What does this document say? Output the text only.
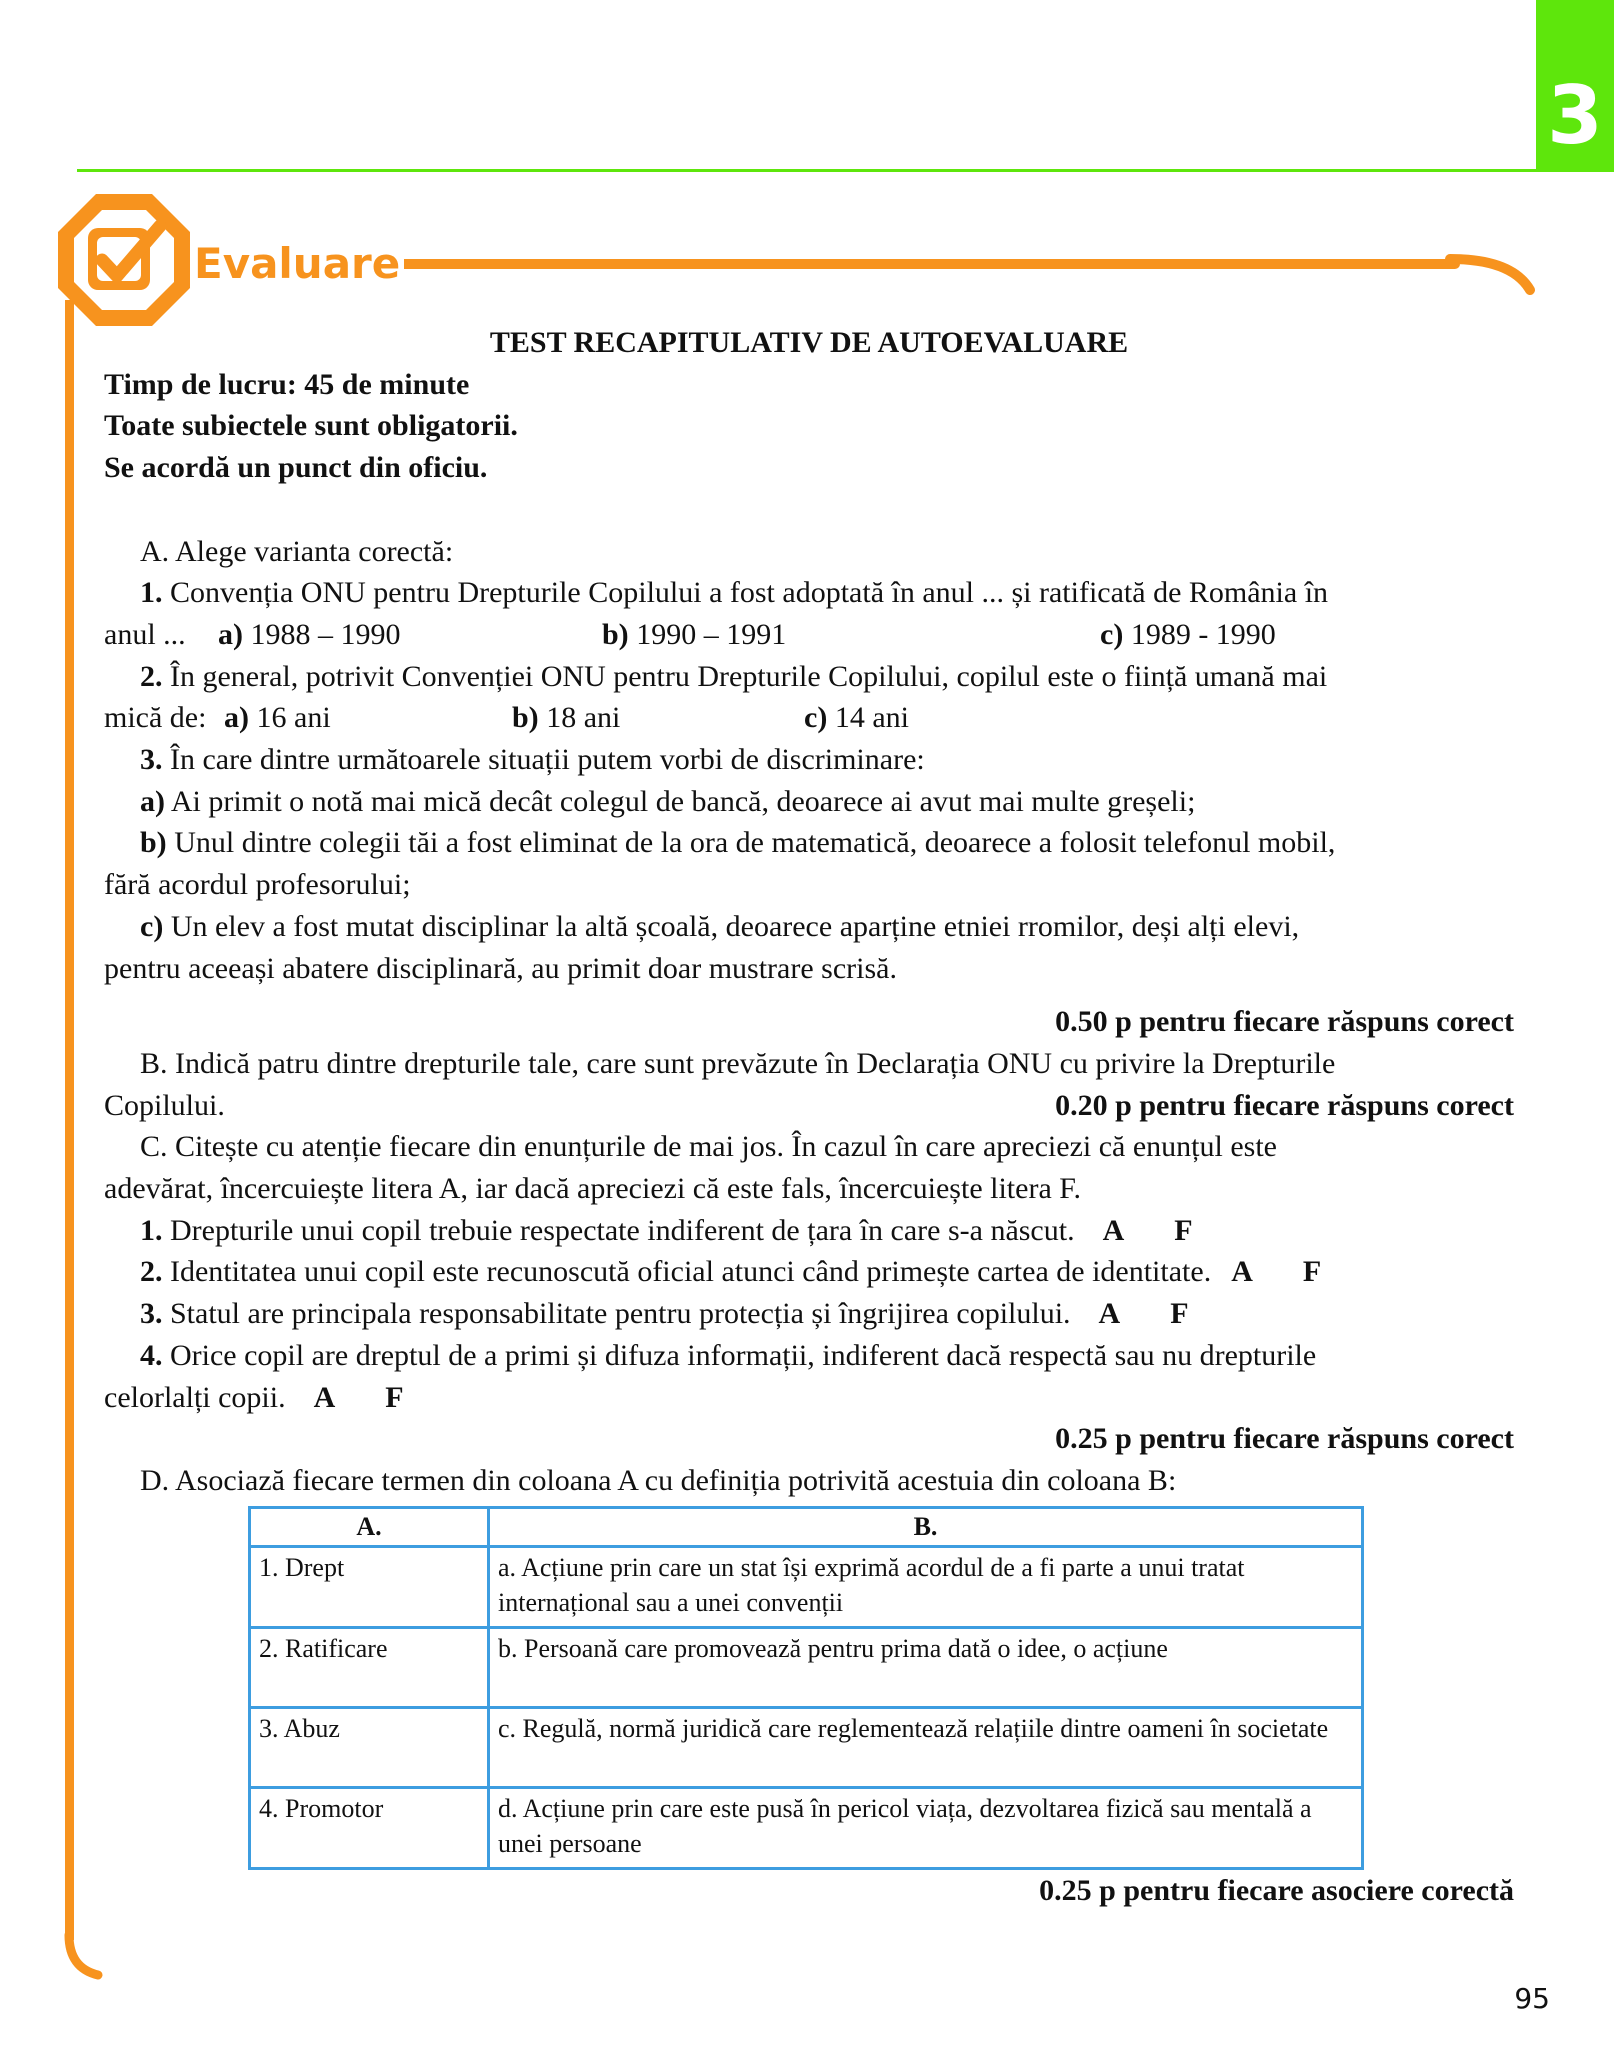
3
Evaluare

TEST RECAPITULATIV DE AUTOEVALUARE

Timp de lucru: 45 de minute

Toate subiectele sunt obligatorii.

Se acordă un punct din oficiu.

A. Alege varianta corectă:

1. Convenția ONU pentru Drepturile Copilului a fost adoptată în anul ... și ratificată de România în

anul ...	a) 1988 – 1990	b) 1990 – 1991	c) 1989 - 1990

2. În general, potrivit Convenției ONU pentru Drepturile Copilului, copilul este o ființă umană mai

mică de: a) 16 ani	b) 18 ani	c) 14 ani

3. În care dintre următoarele situații putem vorbi de discriminare:

a) Ai primit o notă mai mică decât colegul de bancă, deoarece ai avut mai multe greșeli;

b) Unul dintre colegii tăi a fost eliminat de la ora de matematică, deoarece a folosit telefonul mobil,

fără acordul profesorului;

c) Un elev a fost mutat disciplinar la altă școală, deoarece aparține etniei rromilor, deși alți elevi,

pentru aceeași abatere disciplinară, au primit doar mustrare scrisă.

0.50 p pentru fiecare răspuns corect

B. Indică patru dintre drepturile tale, care sunt prevăzute în Declarația ONU cu privire la Drepturile

Copilului.	0.20 p pentru fiecare răspuns corect

C. Citește cu atenție fiecare din enunțurile de mai jos. În cazul în care apreciezi că enunțul este

adevărat, încercuiește litera A, iar dacă apreciezi că este fals, încercuiește litera F.

1. Drepturile unui copil trebuie respectate indiferent de țara în care s-a născut. A F

2. Identitatea unui copil este recunoscută oficial atunci când primește cartea de identitate. A F

3. Statul are principala responsabilitate pentru protecția și îngrijirea copilului. A F

4. Orice copil are dreptul de a primi și difuza informații, indiferent dacă respectă sau nu drepturile

celorlalți copii. A F

0.25 p pentru fiecare răspuns corect

D. Asociază fiecare termen din coloana A cu definiția potrivită acestuia din coloana B:

A.	B.
1. Drept	a. Acțiune prin care un stat își exprimă acordul de a fi parte a unui tratat internațional sau a unei convenții
2. Ratificare	b. Persoană care promovează pentru prima dată o idee, o acțiune
3. Abuz	c. Regulă, normă juridică care reglementează relațiile dintre oameni în societate
4. Promotor	d. Acțiune prin care este pusă în pericol viața, dezvoltarea fizică sau mentală a unei persoane

0.25 p pentru fiecare asociere corectă

95
